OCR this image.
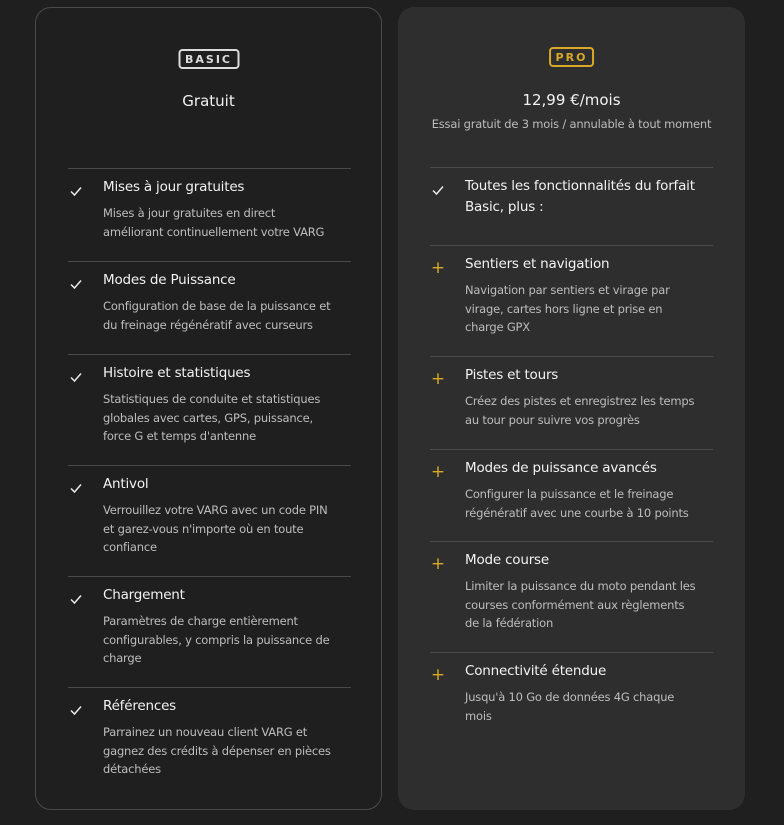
BASIC
Gratuit
Mises à jour gratuites
Mises à jour gratuites en direct
améliorant continuellement votre VARG
Modes de Puissance
Configuration de base de la puissance et
du freinage régénératif avec curseurs
Histoire et statistiques
Statistiques de conduite et statistiques
globales avec cartes, GPS, puissance,
force G et temps d'antenne
Antivol
Verrouillez votre VARG avec un code PIN
et garez-vous n'importe où en toute
confiance
Chargement
Paramètres de charge entièrement
configurables, y compris la puissance de
charge
Références
Parrainez un nouveau client VARG et
gagnez des crédits à dépenser en pièces
détachées
PRO
12,99 €/mois
Essai gratuit de 3 mois / annulable à tout moment
Toutes les fonctionnalités du forfait
Basic, plus :
+ Sentiers et navigation
Navigation par sentiers et virage par
virage, cartes hors ligne et prise en
charge GPX
+ Pistes et tours
Créez des pistes et enregistrez les temps
au tour pour suivre vos progrès
+ Modes de puissance avancés
Configurer la puissance et le freinage
régénératif avec une courbe à 10 points
+ Mode course
Limiter la puissance du moto pendant les
courses conformément aux règlements
de la fédération
+ Connectivité étendue
Jusqu'à 10 Go de données 4G chaque
mois
